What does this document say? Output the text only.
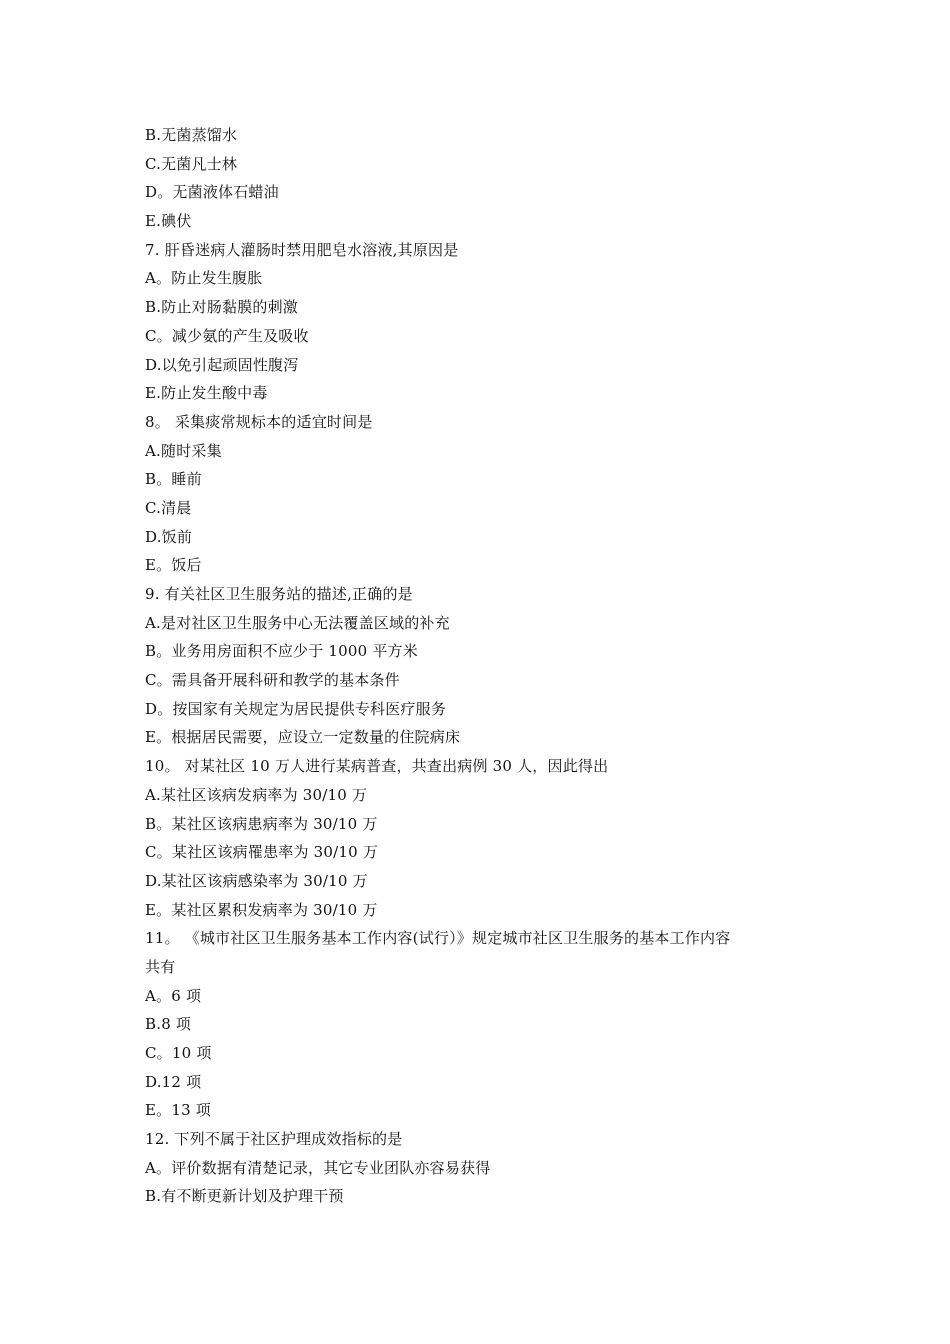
B.无菌蒸馏水
C.无菌凡士林
D。无菌液体石蜡油
E.碘伏
7. 肝昏迷病人灌肠时禁用肥皂水溶液,其原因是
A。防止发生腹胀
B.防止对肠黏膜的刺激
C。减少氨的产生及吸收
D.以免引起顽固性腹泻
E.防止发生酸中毒
8。 采集痰常规标本的适宜时间是
A.随时采集
B。睡前
C.清晨
D.饭前
E。饭后
9. 有关社区卫生服务站的描述,正确的是
A.是对社区卫生服务中心无法覆盖区域的补充
B。业务用房面积不应少于 1000 平方米
C。需具备开展科研和教学的基本条件
D。按国家有关规定为居民提供专科医疗服务
E。根据居民需要，应设立一定数量的住院病床
10。 对某社区 10 万人进行某病普查，共查出病例 30 人，因此得出
A.某社区该病发病率为 30/10 万
B。某社区该病患病率为 30/10 万
C。某社区该病罹患率为 30/10 万
D.某社区该病感染率为 30/10 万
E。某社区累积发病率为 30/10 万
11。 《城市社区卫生服务基本工作内容(试行）》规定城市社区卫生服务的基本工作内容
共有
A。6 项
B.8 项
C。10 项
D.12 项
E。13 项
12. 下列不属于社区护理成效指标的是
A。评价数据有清楚记录，其它专业团队亦容易获得
B.有不断更新计划及护理干预
